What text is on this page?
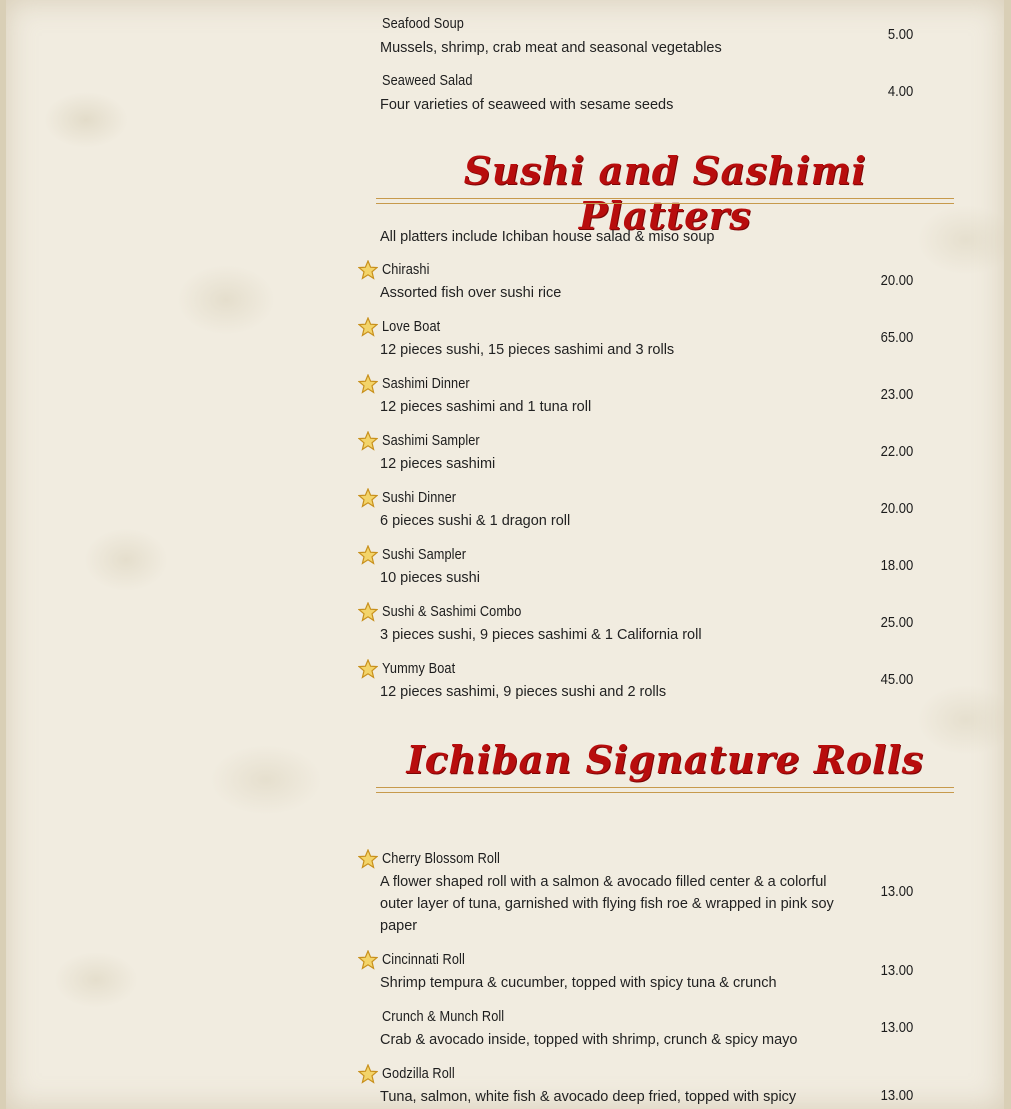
Seafood Soup
Mussels, shrimp, crab meat and seasonal vegetables
5.00
Seaweed Salad
Four varieties of seaweed with sesame seeds
4.00
Sushi and Sashimi Platters
All platters include Ichiban house salad & miso soup
Chirashi
Assorted fish over sushi rice
20.00
Love Boat
12 pieces sushi, 15 pieces sashimi and 3 rolls
65.00
Sashimi Dinner
12 pieces sashimi and 1 tuna roll
23.00
Sashimi Sampler
12 pieces sashimi
22.00
Sushi Dinner
6 pieces sushi & 1 dragon roll
20.00
Sushi Sampler
10 pieces sushi
18.00
Sushi & Sashimi Combo
3 pieces sushi, 9 pieces sashimi & 1 California roll
25.00
Yummy Boat
12 pieces sashimi, 9 pieces sushi and 2 rolls
45.00
Ichiban Signature Rolls
Cherry Blossom Roll
A flower shaped roll with a salmon & avocado filled center & a colorful outer layer of tuna, garnished with flying fish roe & wrapped in pink soy paper
13.00
Cincinnati Roll
Shrimp tempura & cucumber, topped with spicy tuna & crunch
13.00
Crunch & Munch Roll
Crab & avocado inside, topped with shrimp, crunch & spicy mayo
13.00
Godzilla Roll
Tuna, salmon, white fish & avocado deep fried, topped with spicy	13.00
